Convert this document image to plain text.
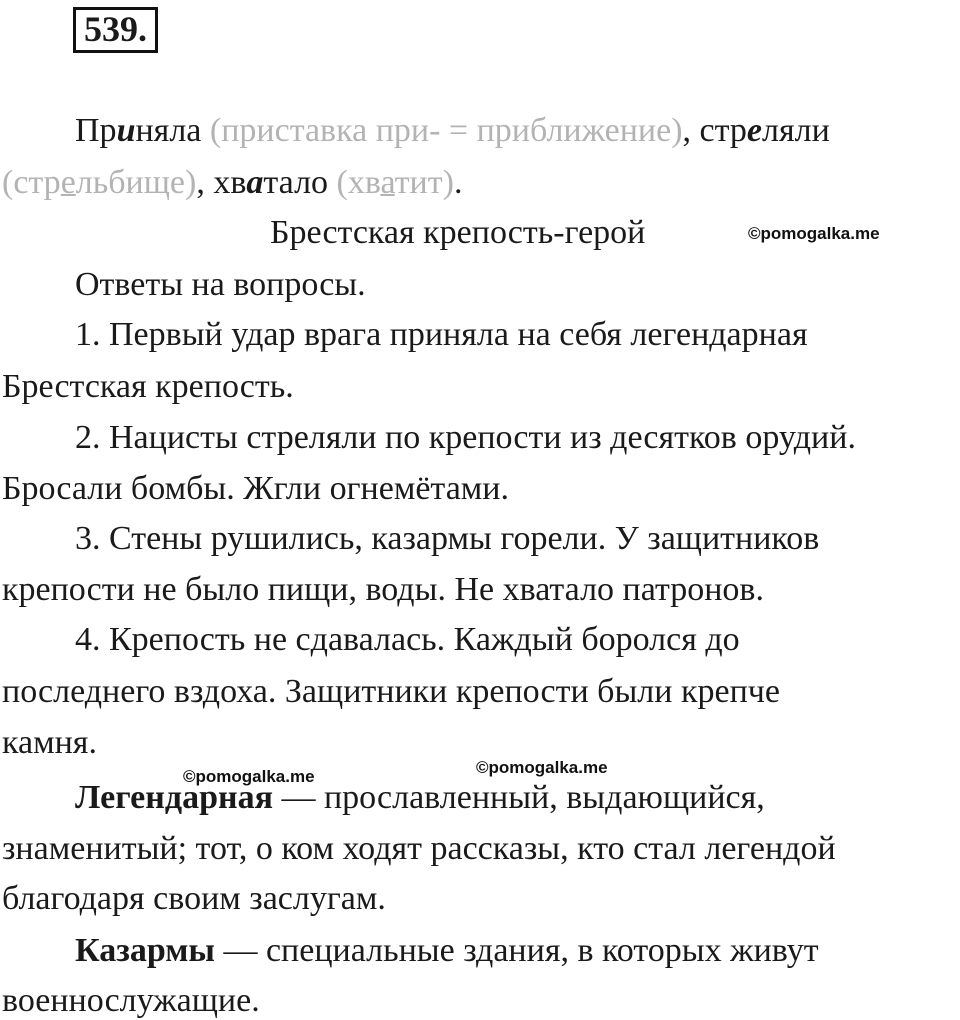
539.
Приняла (приставка при- = приближение), стреляли
(стрельбище), хватало (хватит).
Брестская крепость-герой	©pomogalka.me
Ответы на вопросы.
1. Первый удар врага приняла на себя легендарная
Брестская крепость.
2. Нацисты стреляли по крепости из десятков орудий.
Бросали бомбы. Жгли огнемётами.
3. Стены рушились, казармы горели. У защитников
крепости не было пищи, воды. Не хватало патронов.
4. Крепость не сдавалась. Каждый боролся до
последнего вздоха. Защитники крепости были крепче
камня.
©pomogalka.me	©pomogalka.me
Легендарная — прославленный, выдающийся,
знаменитый; тот, о ком ходят рассказы, кто стал легендой
благодаря своим заслугам.
Казармы — специальные здания, в которых живут
военнослужащие.
